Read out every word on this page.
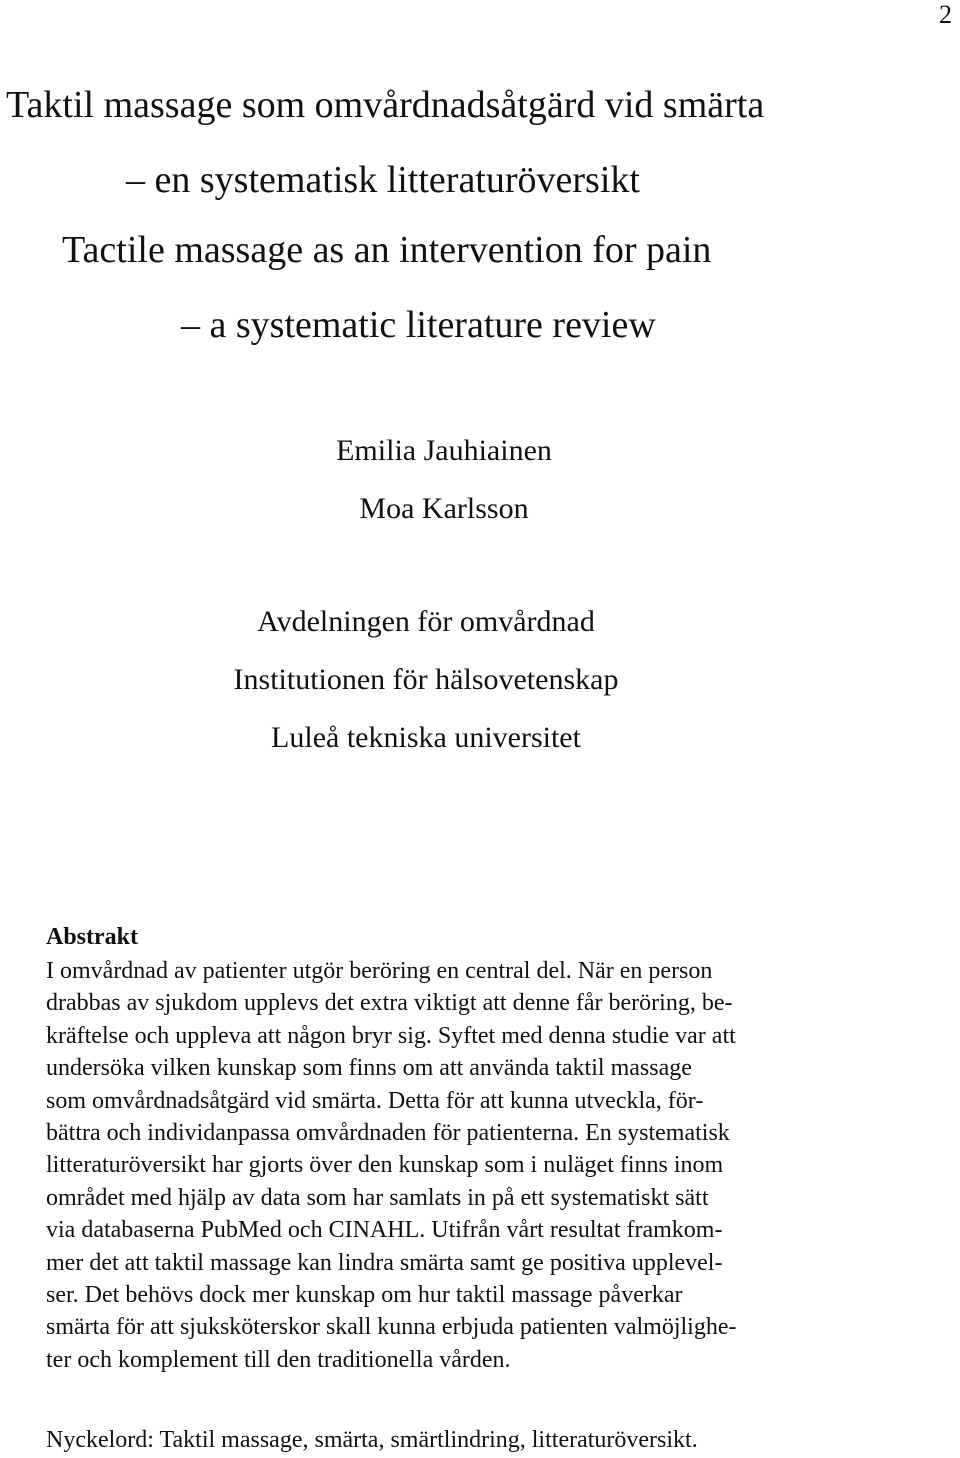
2
Taktil massage som omvårdnadsåtgärd vid smärta
– en systematisk litteraturöversikt
Tactile massage as an intervention for pain
– a systematic literature review
Emilia Jauhiainen
Moa Karlsson
Avdelningen för omvårdnad
Institutionen för hälsovetenskap
Luleå tekniska universitet
Abstrakt
I omvårdnad av patienter utgör beröring en central del. När en person
drabbas av sjukdom upplevs det extra viktigt att denne får beröring, be-
kräftelse och uppleva att någon bryr sig. Syftet med denna studie var att
undersöka vilken kunskap som finns om att använda taktil massage
som omvårdnadsåtgärd vid smärta. Detta för att kunna utveckla, för-
bättra och individanpassa omvårdnaden för patienterna. En systematisk
litteraturöversikt har gjorts över den kunskap som i nuläget finns inom
området med hjälp av data som har samlats in på ett systematiskt sätt
via databaserna PubMed och CINAHL. Utifrån vårt resultat framkom-
mer det att taktil massage kan lindra smärta samt ge positiva upplevel-
ser. Det behövs dock mer kunskap om hur taktil massage påverkar
smärta för att sjuksköterskor skall kunna erbjuda patienten valmöjlighe-
ter och komplement till den traditionella vården.
Nyckelord: Taktil massage, smärta, smärtlindring, litteraturöversikt.
